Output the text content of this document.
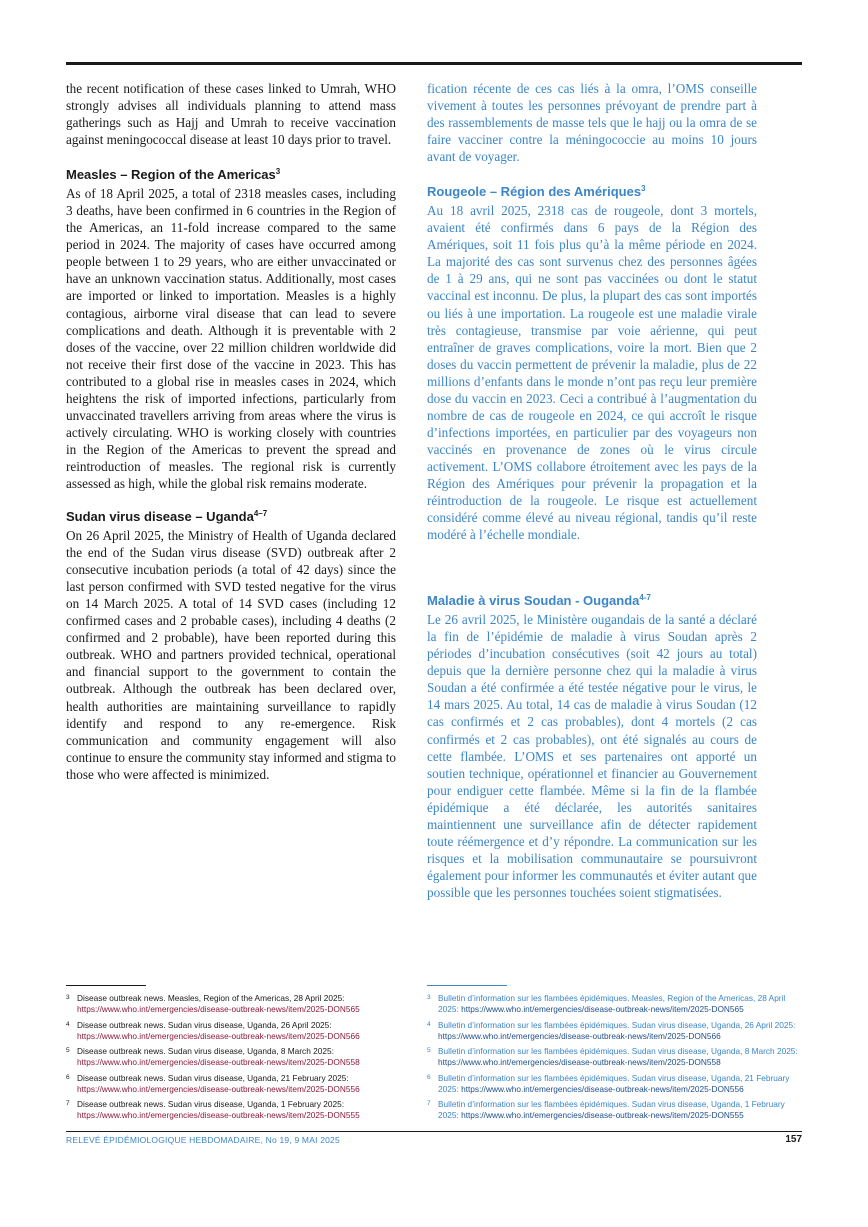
the recent notification of these cases linked to Umrah, WHO strongly advises all individuals planning to attend mass gatherings such as Hajj and Umrah to receive vaccination against meningococcal disease at least 10 days prior to travel.

Measles – Region of the Americas$^3$

As of 18 April 2025, a total of 2318 measles cases, including 3 deaths, have been confirmed in 6 countries in the Region of the Americas, an 11-fold increase compared to the same period in 2024. The majority of cases have occurred among people between 1 to 29 years, who are either unvaccinated or have an unknown vaccination status. Additionally, most cases are imported or linked to importation. Measles is a highly contagious, airborne viral disease that can lead to severe complications and death. Although it is preventable with 2 doses of the vaccine, over 22 million children worldwide did not receive their first dose of the vaccine in 2023. This has contributed to a global rise in measles cases in 2024, which heightens the risk of imported infections, particularly from unvaccinated travellers arriving from areas where the virus is actively circulating. WHO is working closely with countries in the Region of the Americas to prevent the spread and reintroduction of measles. The regional risk is currently assessed as high, while the global risk remains moderate.

Sudan virus disease – Uganda$^{4-7}$

On 26 April 2025, the Ministry of Health of Uganda declared the end of the Sudan virus disease (SVD) outbreak after 2 consecutive incubation periods (a total of 42 days) since the last person confirmed with SVD tested negative for the virus on 14 March 2025. A total of 14 SVD cases (including 12 confirmed cases and 2 probable cases), including 4 deaths (2 confirmed and 2 probable), have been reported during this outbreak. WHO and partners provided technical, operational and financial support to the government to contain the outbreak. Although the outbreak has been declared over, health authorities are maintaining surveillance to rapidly identify and respond to any re-emergence. Risk communication and community engagement will also continue to ensure the community stay informed and stigma to those who were affected is minimized.

fication récente de ces cas liés à la omra, l’OMS conseille vivement à toutes les personnes prévoyant de prendre part à des rassemblements de masse tels que le hajj ou la omra de se faire vacciner contre la méningococcie au moins 10 jours avant de voyager.

Rougeole – Région des Amériques$^3$

Au 18 avril 2025, 2318 cas de rougeole, dont 3 mortels, avaient été confirmés dans 6 pays de la Région des Amériques, soit 11 fois plus qu’à la même période en 2024. La majorité des cas sont survenus chez des personnes âgées de 1 à 29 ans, qui ne sont pas vaccinées ou dont le statut vaccinal est inconnu. De plus, la plupart des cas sont importés ou liés à une importation. La rougeole est une maladie virale très contagieuse, transmise par voie aérienne, qui peut entraîner de graves complications, voire la mort. Bien que 2 doses du vaccin permettent de prévenir la maladie, plus de 22 millions d’enfants dans le monde n’ont pas reçu leur première dose du vaccin en 2023. Ceci a contribué à l’augmentation du nombre de cas de rougeole en 2024, ce qui accroît le risque d’infections importées, en particulier par des voyageurs non vaccinés en provenance de zones où le virus circule activement. L’OMS collabore étroitement avec les pays de la Région des Amériques pour prévenir la propagation et la réintroduction de la rougeole. Le risque est actuellement considéré comme élevé au niveau régional, tandis qu’il reste modéré à l’échelle mondiale.

Maladie à virus Soudan - Ouganda$^{4-7}$

Le 26 avril 2025, le Ministère ougandais de la santé a déclaré la fin de l’épidémie de maladie à virus Soudan après 2 périodes d’incubation consécutives (soit 42 jours au total) depuis que la dernière personne chez qui la maladie à virus Soudan a été confirmée a été testée négative pour le virus, le 14 mars 2025. Au total, 14 cas de maladie à virus Soudan (12 cas confirmés et 2 cas probables), dont 4 mortels (2 cas confirmés et 2 cas probables), ont été signalés au cours de cette flambée. L’OMS et ses partenaires ont apporté un soutien technique, opérationnel et financier au Gouvernement pour endiguer cette flambée. Même si la fin de la flambée épidémique a été déclarée, les autorités sanitaires maintiennent une surveillance afin de détecter rapidement toute réémergence et d’y répondre. La communication sur les risques et la mobilisation communautaire se poursuivront également pour informer les communautés et éviter autant que possible que les personnes touchées soient stigmatisées.

3 Disease outbreak news. Measles, Region of the Americas, 28 April 2025: https://www.who.int/emergencies/disease-outbreak-news/item/2025-DON565
4 Disease outbreak news. Sudan virus disease, Uganda, 26 April 2025: https://www.who.int/emergencies/disease-outbreak-news/item/2025-DON566
5 Disease outbreak news. Sudan virus disease, Uganda, 8 March 2025: https://www.who.int/emergencies/disease-outbreak-news/item/2025-DON558
6 Disease outbreak news. Sudan virus disease, Uganda, 21 February 2025: https://www.who.int/emergencies/disease-outbreak-news/item/2025-DON556
7 Disease outbreak news. Sudan virus disease, Uganda, 1 February 2025: https://www.who.int/emergencies/disease-outbreak-news/item/2025-DON555
3 Bulletin d’information sur les flambées épidémiques. Measles, Region of the Americas, 28 April 2025: https://www.who.int/emergencies/disease-outbreak-news/item/2025-DON565
4 Bulletin d’information sur les flambées épidémiques. Sudan virus disease, Uganda, 26 April 2025: https://www.who.int/emergencies/disease-outbreak-news/item/2025-DON566
5 Bulletin d’information sur les flambées épidémiques. Sudan virus disease, Uganda, 8 March 2025: https://www.who.int/emergencies/disease-outbreak-news/item/2025-DON558
6 Bulletin d’information sur les flambées épidémiques. Sudan virus disease, Uganda, 21 February 2025: https://www.who.int/emergencies/disease-outbreak-news/item/2025-DON556
7 Bulletin d’information sur les flambées épidémiques. Sudan virus disease, Uganda, 1 February 2025: https://www.who.int/emergencies/disease-outbreak-news/item/2025-DON555
RELEVÉ ÉPIDÉMIOLOGIQUE HEBDOMADAIRE, No 19, 9 MAI 2025	157
